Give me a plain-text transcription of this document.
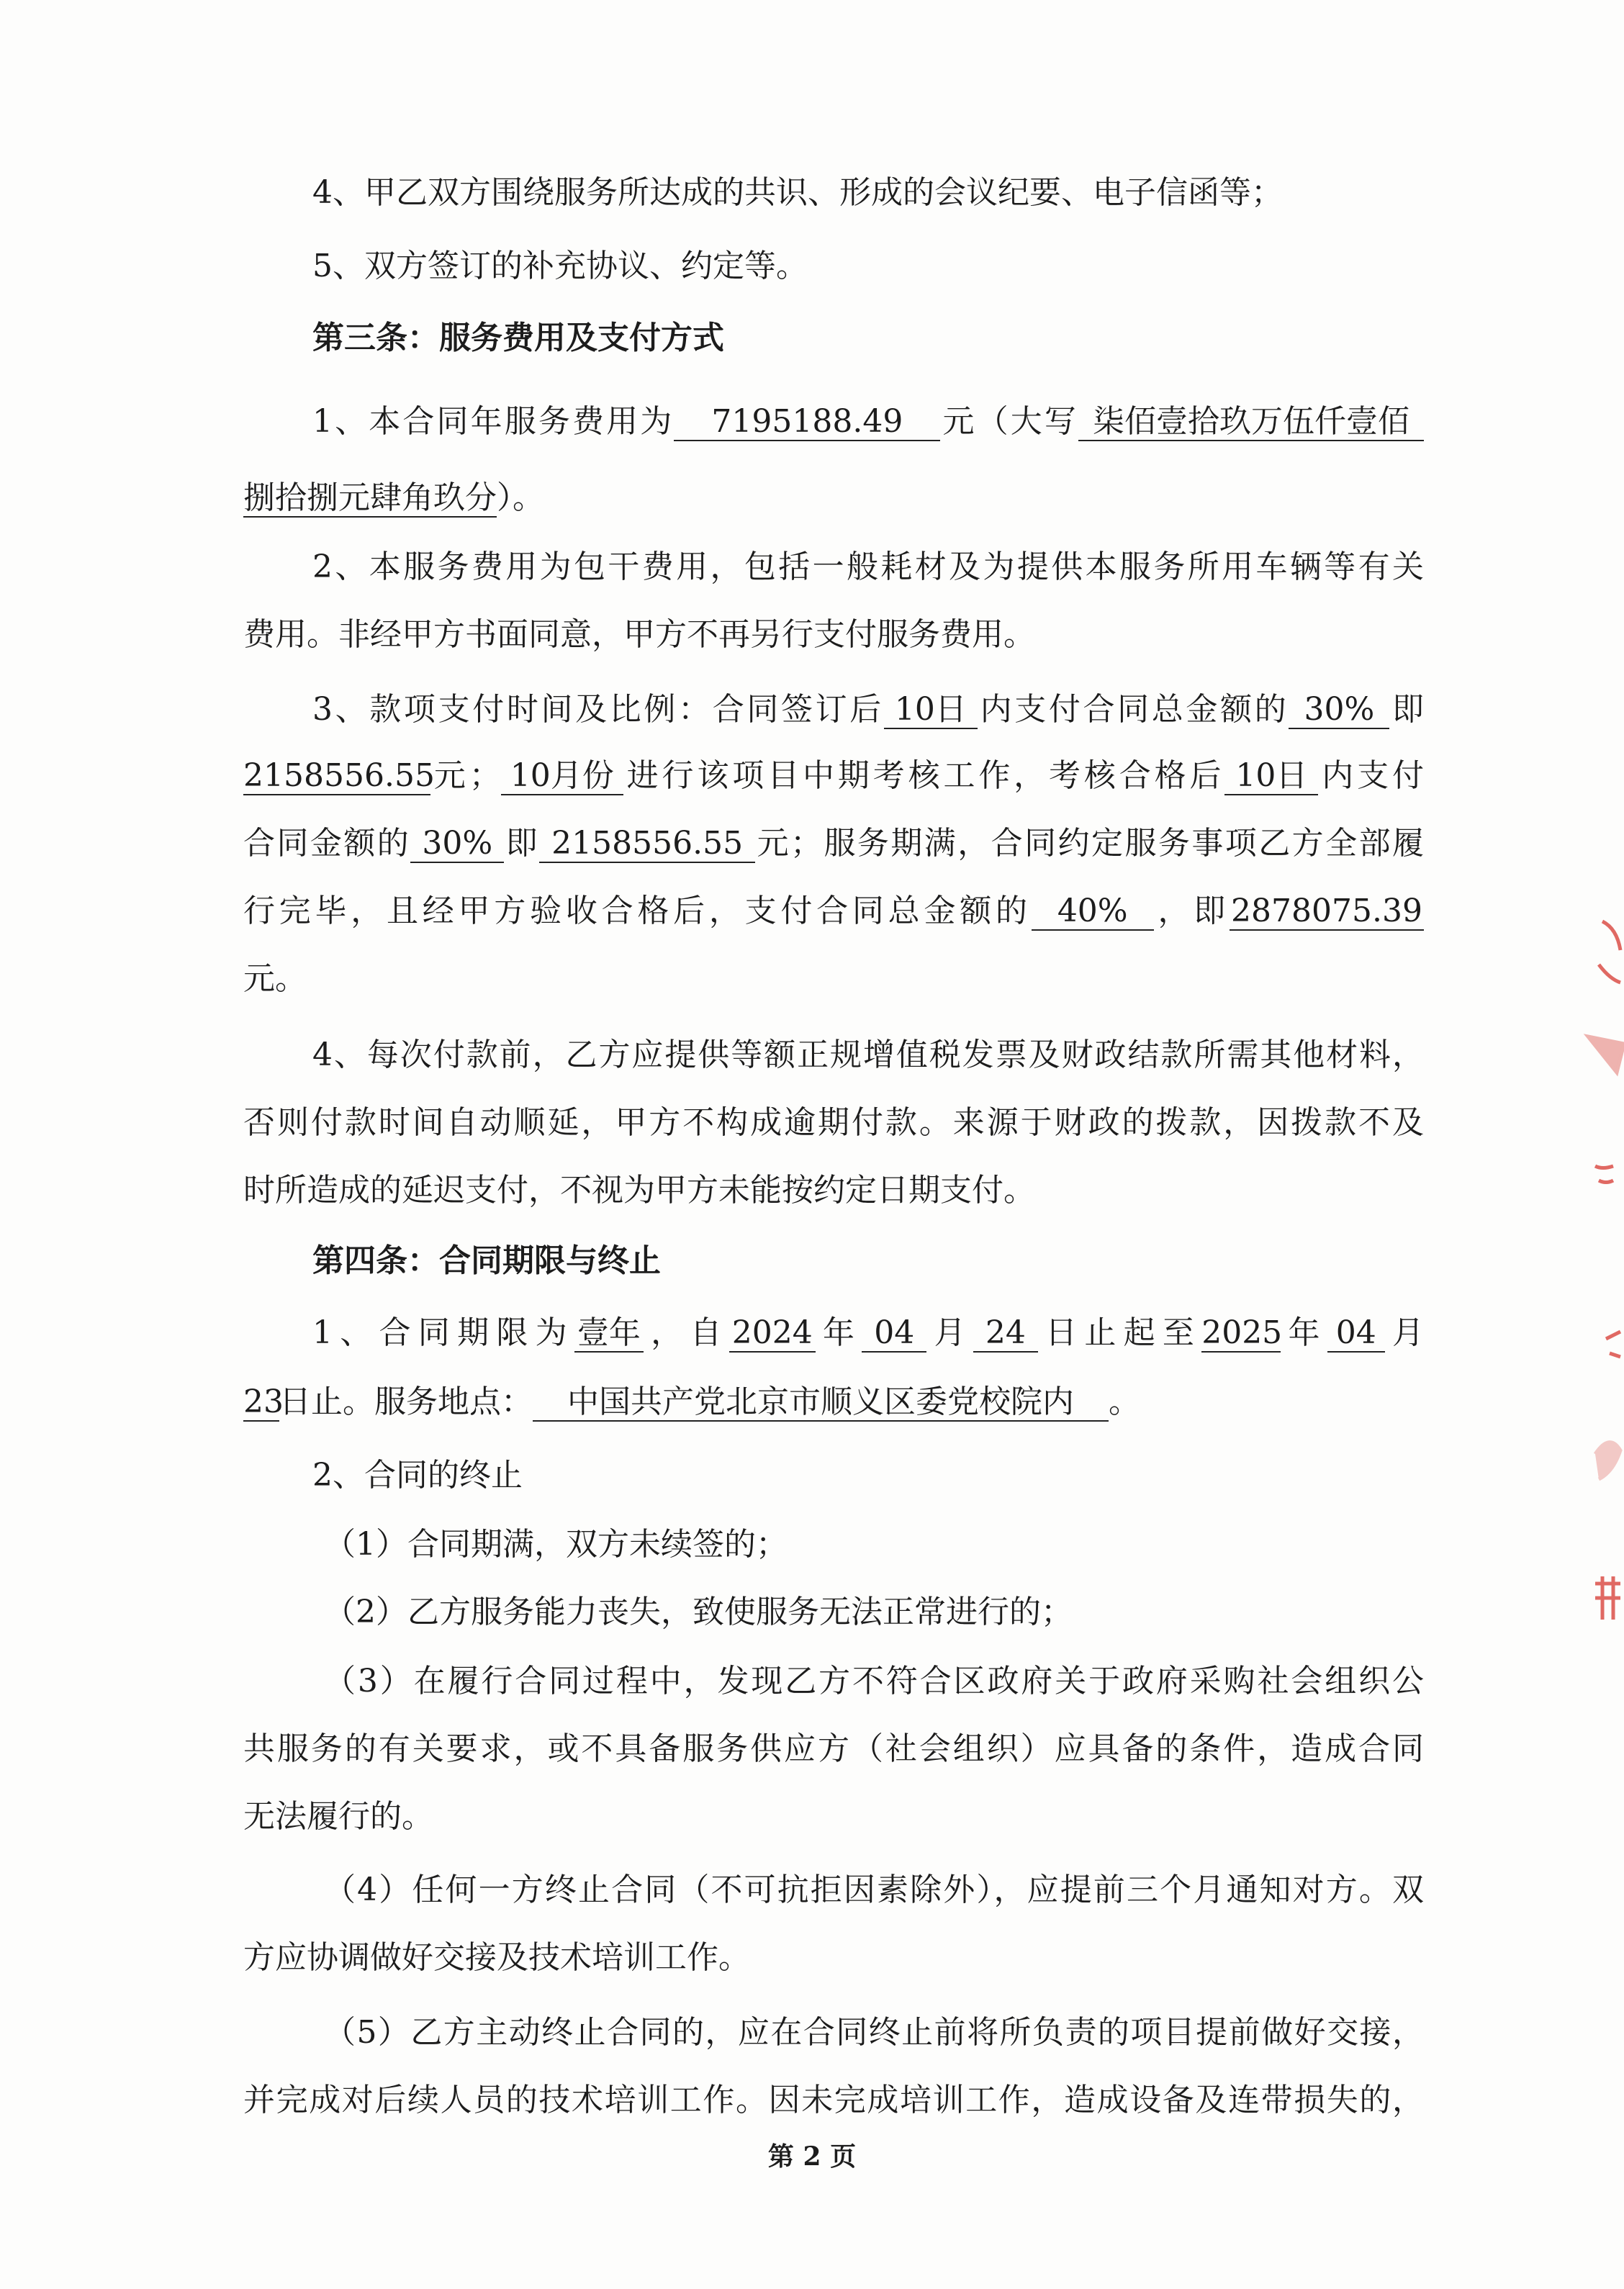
4、甲乙双方围绕服务所达成的共识、形成的会议纪要、电子信函等；
5、双方签订的补充协议、约定等。
第三条：服务费用及支付方式
1、本合同年服务费用为 7195188.49 元（大写 柒佰壹拾玖万伍仟壹佰
捌拾捌元肆角玖分）。
2、本服务费用为包干费用，包括一般耗材及为提供本服务所用车辆等有关
费用。非经甲方书面同意，甲方不再另行支付服务费用。
3、款项支付时间及比例：合同签订后 10日 内支付合同总金额的 30% 即
2158556.55元； 10月份 进行该项目中期考核工作，考核合格后 10日 内支付
合同金额的 30% 即 2158556.55 元；服务期满，合同约定服务事项乙方全部履
行完毕，且经甲方验收合格后，支付合同总金额的 40% ，即2878075.39
元。
4、每次付款前，乙方应提供等额正规增值税发票及财政结款所需其他材料，
否则付款时间自动顺延，甲方不构成逾期付款。来源于财政的拨款，因拨款不及
时所造成的延迟支付，不视为甲方未能按约定日期支付。
第四条：合同期限与终止
1、合同期限为壹年，自2024年 04 月 24 日止起至2025年 04 月
23日止。服务地点： 中国共产党北京市顺义区委党校院内 。
2、合同的终止
（1）合同期满，双方未续签的；
（2）乙方服务能力丧失，致使服务无法正常进行的；
（3）在履行合同过程中，发现乙方不符合区政府关于政府采购社会组织公
共服务的有关要求，或不具备服务供应方（社会组织）应具备的条件，造成合同
无法履行的。
（4）任何一方终止合同（不可抗拒因素除外），应提前三个月通知对方。双
方应协调做好交接及技术培训工作。
（5）乙方主动终止合同的，应在合同终止前将所负责的项目提前做好交接，
并完成对后续人员的技术培训工作。因未完成培训工作，造成设备及连带损失的，
第 2 页
